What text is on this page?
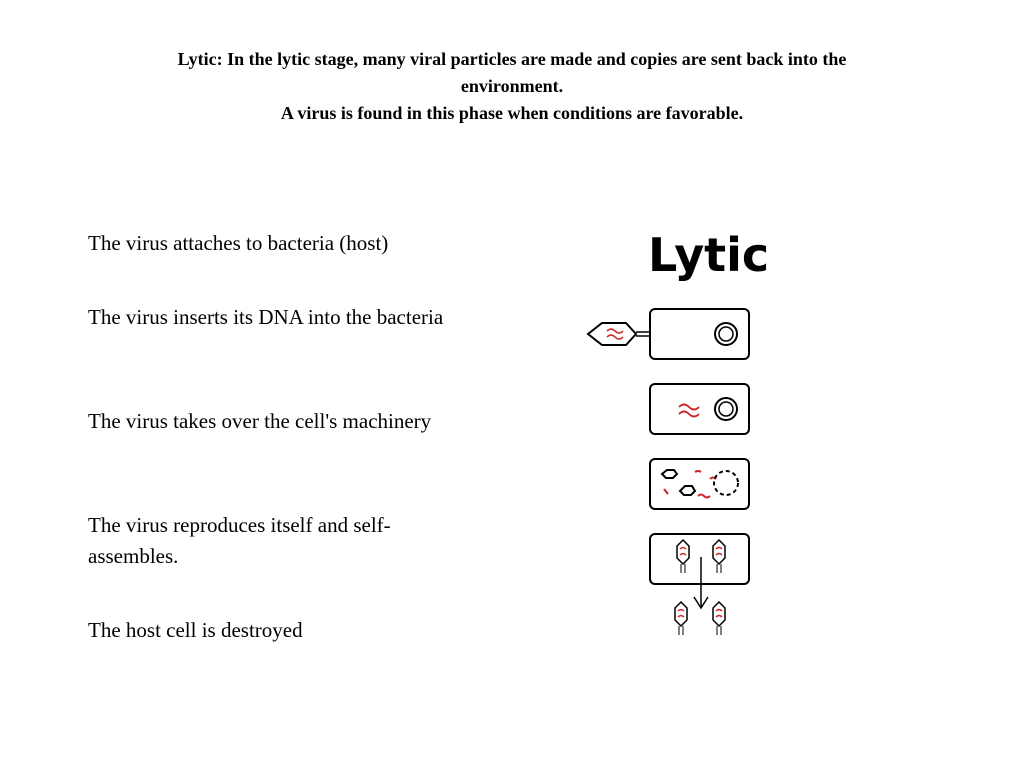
Lytic: In the lytic stage, many viral particles are made and copies are sent back into the
environment.
A virus is found in this phase when conditions are favorable.
The virus attaches to bacteria (host)
The virus inserts its DNA into the bacteria
The virus takes over the cell's machinery
The virus reproduces itself and self-assembles.
The host cell is destroyed
Lytic
